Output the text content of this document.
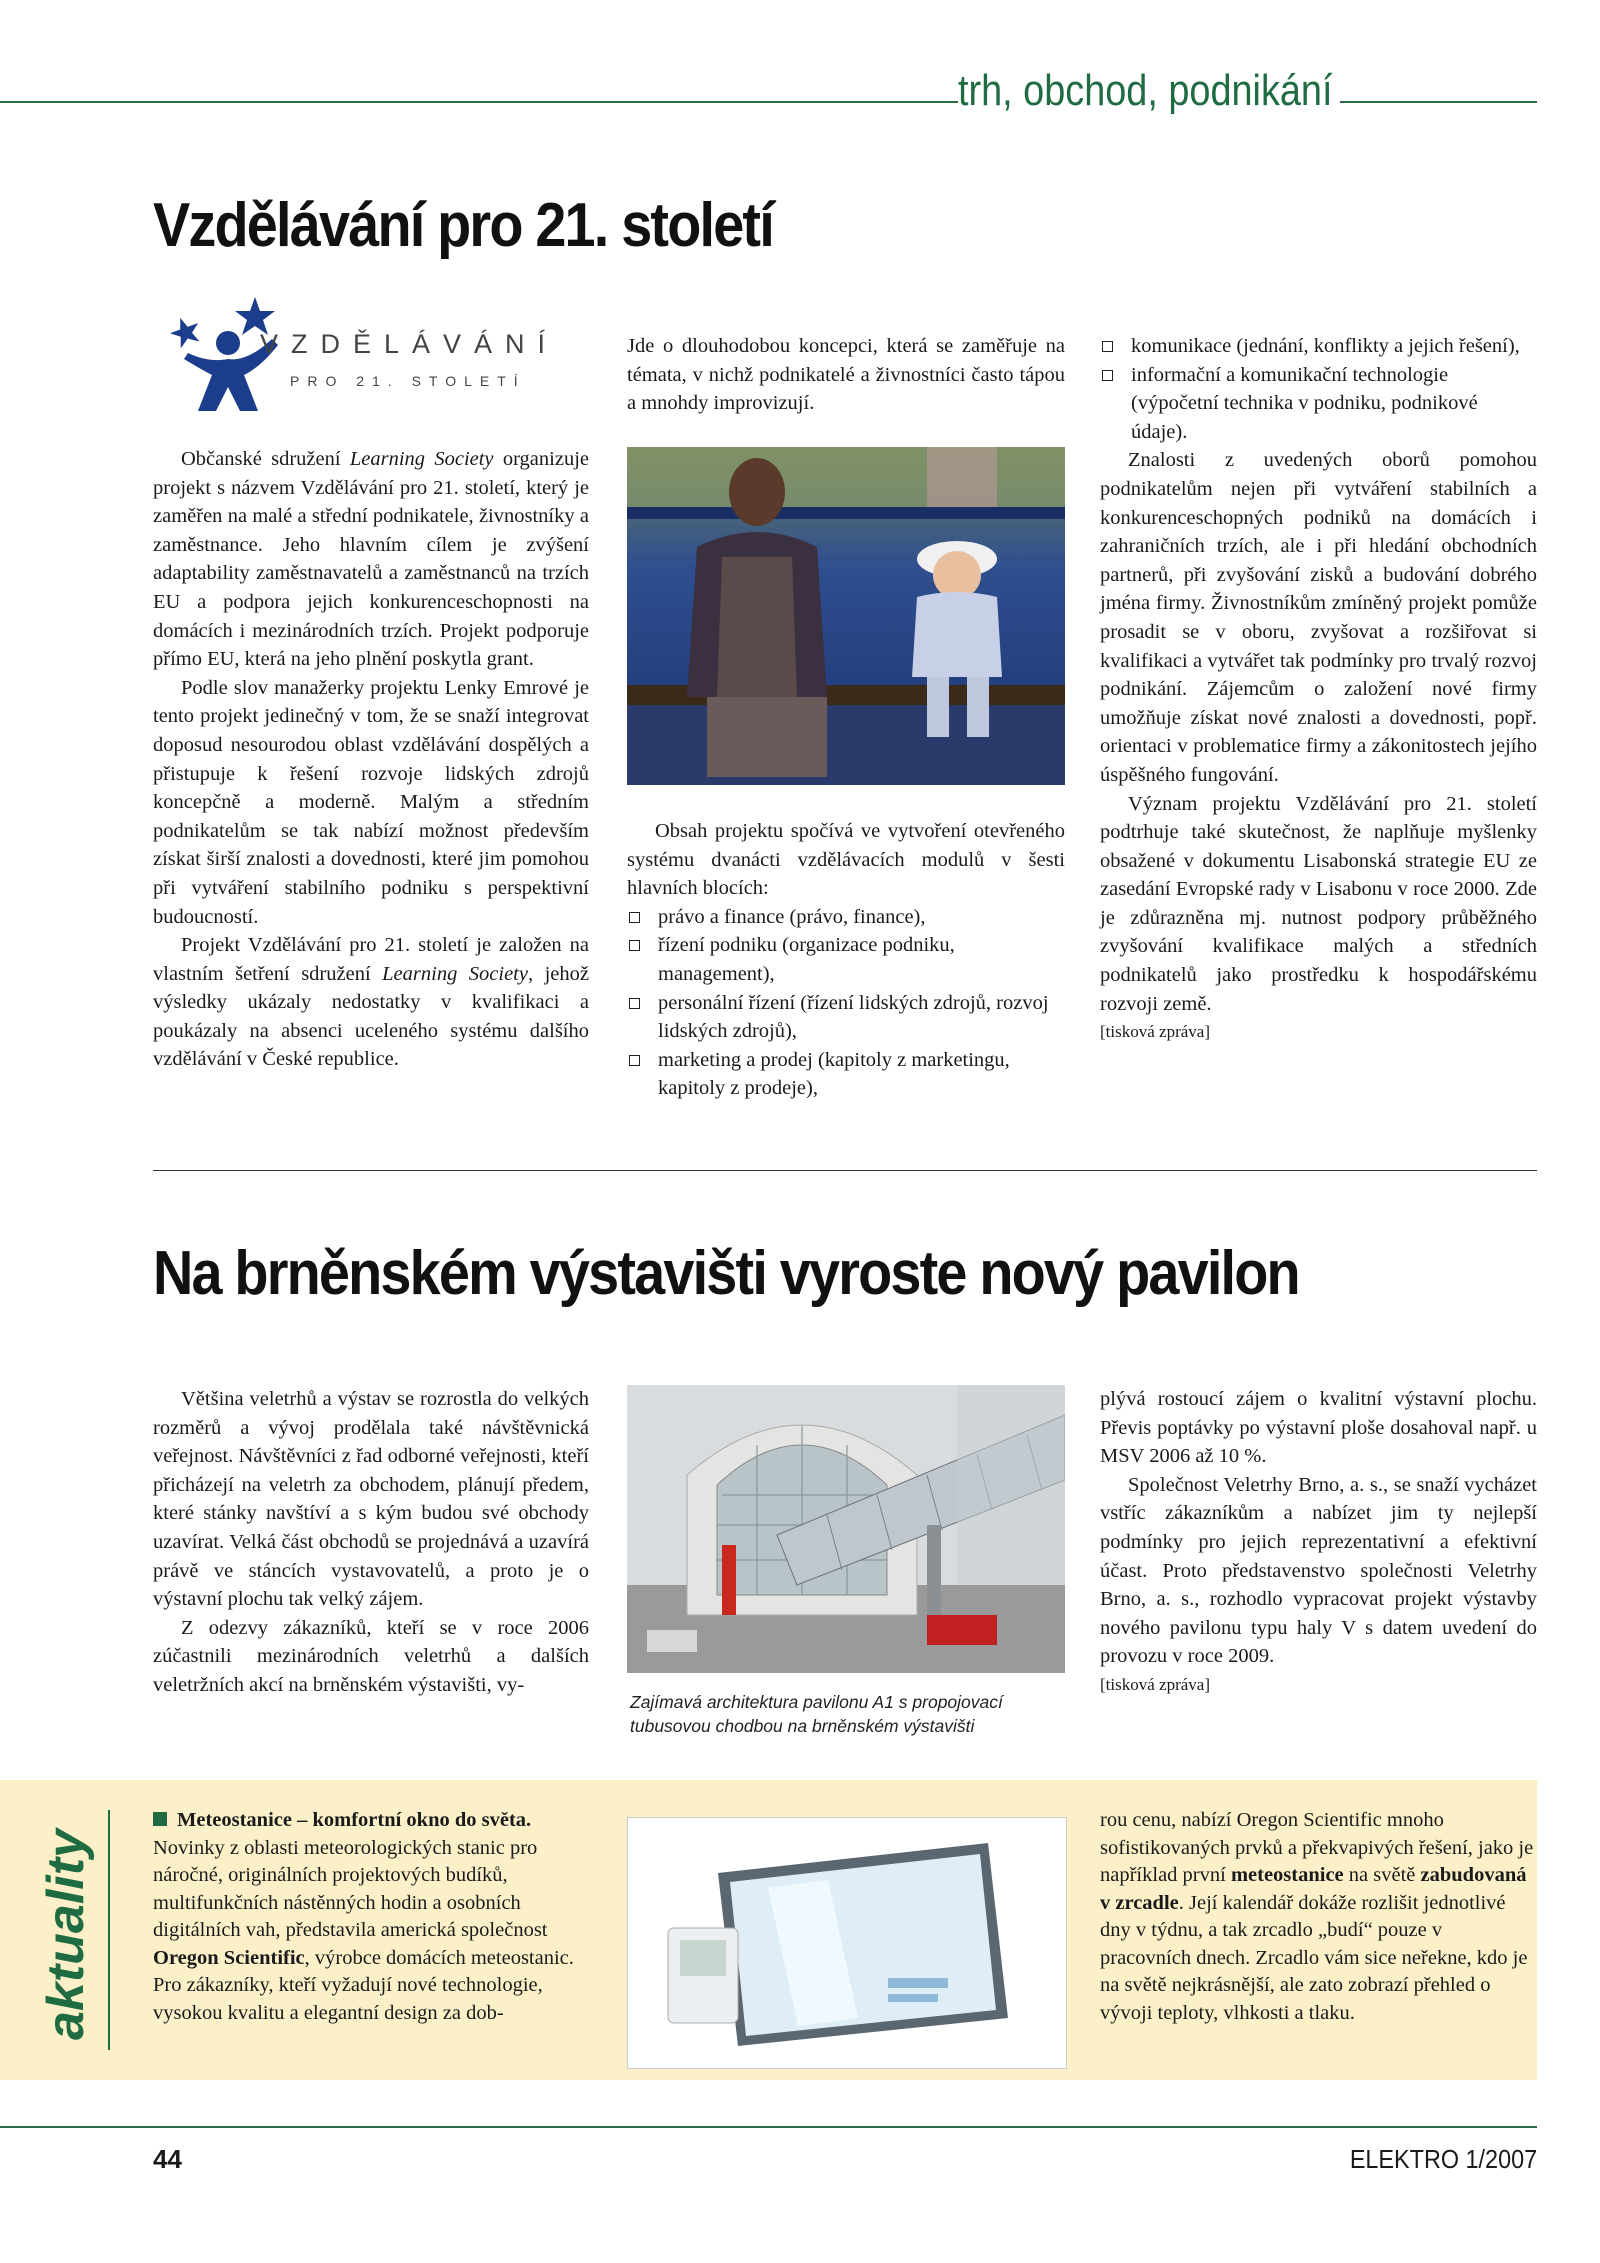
trh, obchod, podnikání
Vzdělávání pro 21. století
VZDĚLÁVÁNÍ
PRO 21. STOLETÍ

Občanské sdružení Learning Society organizuje projekt s názvem Vzdělávání pro 21. století, který je zaměřen na malé a střední podnikatele, živnostníky a zaměstnance. Jeho hlavním cílem je zvýšení adaptability zaměstnavatelů a zaměstnanců na trzích EU a podpora jejich konkurenceschopnosti na domácích i mezinárodních trzích. Projekt podporuje přímo EU, která na jeho plnění poskytla grant.

Podle slov manažerky projektu Lenky Emrové je tento projekt jedinečný v tom, že se snaží integrovat doposud nesourodou oblast vzdělávání dospělých a přistupuje k řešení rozvoje lidských zdrojů koncepčně a moderně. Malým a středním podnikatelům se tak nabízí možnost především získat širší znalosti a dovednosti, které jim pomohou při vytváření stabilního podniku s perspektivní budoucností.

Projekt Vzdělávání pro 21. století je založen na vlastním šetření sdružení Learning Society, jehož výsledky ukázaly nedostatky v kvalifikaci a poukázaly na absenci uceleného systému dalšího vzdělávání v České republice.

Jde o dlouhodobou koncepci, která se zaměřuje na témata, v nichž podnikatelé a živnostníci často tápou a mnohdy improvizují.

Obsah projektu spočívá ve vytvoření otevřeného systému dvanácti vzdělávacích modulů v šesti hlavních blocích:

právo a finance (právo, finance),
řízení podniku (organizace podniku, management),
personální řízení (řízení lidských zdrojů, rozvoj lidských zdrojů),
marketing a prodej (kapitoly z marketingu, kapitoly z prodeje),
komunikace (jednání, konflikty a jejich řešení),
informační a komunikační technologie (výpočetní technika v podniku, podnikové údaje).

Znalosti z uvedených oborů pomohou podnikatelům nejen při vytváření stabilních a konkurenceschopných podniků na domácích i zahraničních trzích, ale i při hledání obchodních partnerů, při zvyšování zisků a budování dobrého jména firmy. Živnostníkům zmíněný projekt pomůže prosadit se v oboru, zvyšovat a rozšiřovat si kvalifikaci a vytvářet tak podmínky pro trvalý rozvoj podnikání. Zájemcům o založení nové firmy umožňuje získat nové znalosti a dovednosti, popř. orientaci v problematice firmy a zákonitostech jejího úspěšného fungování.

Význam projektu Vzdělávání pro 21. století podtrhuje také skutečnost, že naplňuje myšlenky obsažené v dokumentu Lisabonská strategie EU ze zasedání Evropské rady v Lisabonu v roce 2000. Zde je zdůrazněna mj. nutnost podpory průběžného zvyšování kvalifikace malých a středních podnikatelů jako prostředku k hospodářskému rozvoji země.

[tisková zpráva]

Na brněnském výstavišti vyroste nový pavilon

Většina veletrhů a výstav se rozrostla do velkých rozměrů a vývoj prodělala také návštěvnická veřejnost. Návštěvníci z řad odborné veřejnosti, kteří přicházejí na veletrh za obchodem, plánují předem, které stánky navštíví a s kým budou své obchody uzavírat. Velká část obchodů se projednává a uzavírá právě ve stáncích vystavovatelů, a proto je o výstavní plochu tak velký zájem.

Z odezvy zákazníků, kteří se v roce 2006 zúčastnili mezinárodních veletrhů a dalších veletržních akcí na brněnském výstavišti, vy-

Zajímavá architektura pavilonu A1 s propojovací tubusovou chodbou na brněnském výstavišti

plývá rostoucí zájem o kvalitní výstavní plochu. Převis poptávky po výstavní ploše dosahoval např. u MSV 2006 až 10 %.

Společnost Veletrhy Brno, a. s., se snaží vycházet vstříc zákazníkům a nabízet jim ty nejlepší podmínky pro jejich reprezentativní a efektivní účast. Proto představenstvo společnosti Veletrhy Brno, a. s., rozhodlo vypracovat projekt výstavby nového pavilonu typu haly V s datem uvedení do provozu v roce 2009.

[tisková zpráva]

aktuality
Meteostanice – komfortní okno do světa. Novinky z oblasti meteorologických stanic pro náročné, originálních projektových budíků, multifunkčních nástěnných hodin a osobních digitálních vah, představila americká společnost Oregon Scientific, výrobce domácích meteostanic. Pro zákazníky, kteří vyžadují nové technologie, vysokou kvalitu a elegantní design za dob-
rou cenu, nabízí Oregon Scientific mnoho sofistikovaných prvků a překvapivých řešení, jako je například první meteostanice na světě zabudovaná v zrcadle. Její kalendář dokáže rozlišit jednotlivé dny v týdnu, a tak zrcadlo „budí“ pouze v pracovních dnech. Zrcadlo vám sice neřekne, kdo je na světě nejkrásnější, ale zato zobrazí přehled o vývoji teploty, vlhkosti a tlaku.
44	ELEKTRO 1/2007
